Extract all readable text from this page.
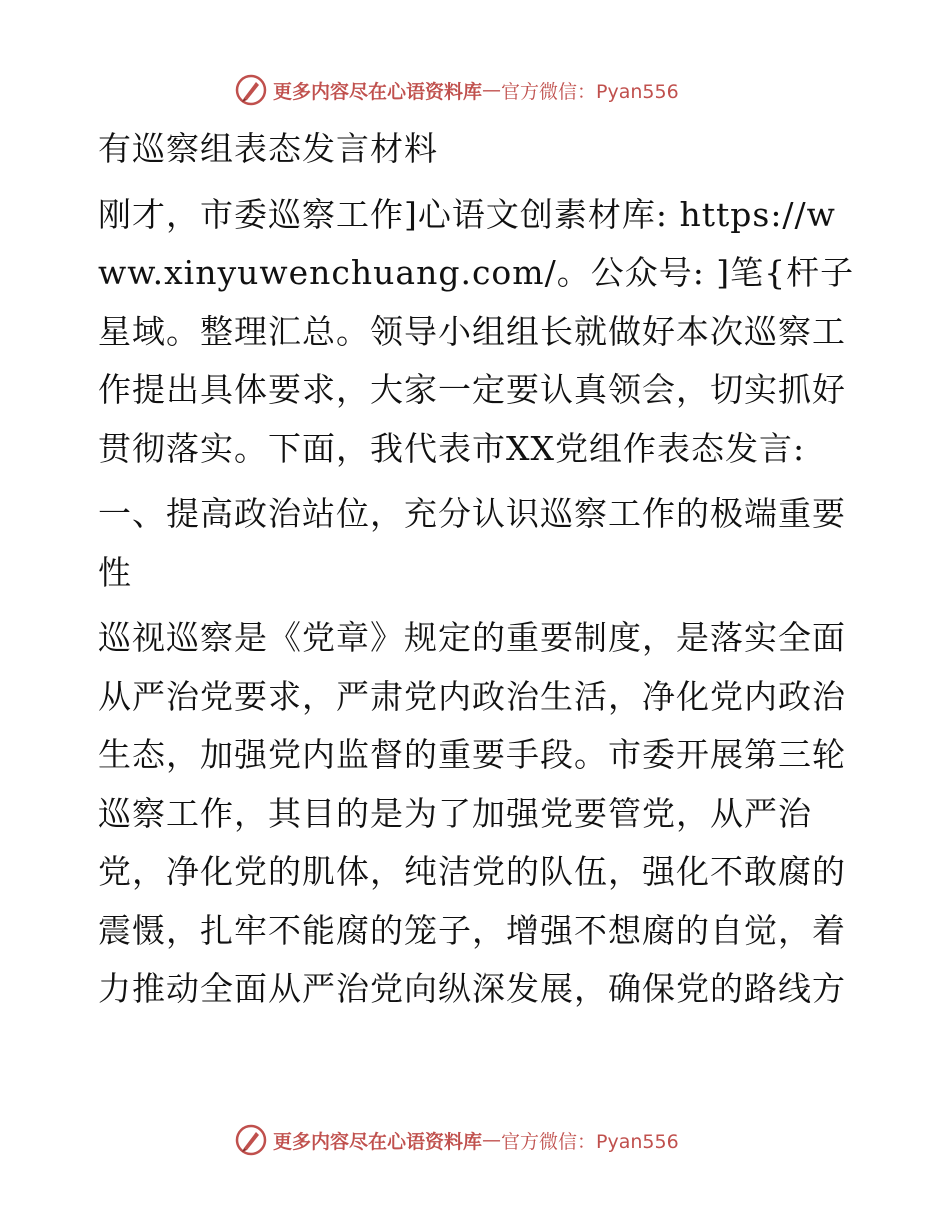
更多内容尽在心语资料库 — 官方微信：Pyan556

有巡察组表态发言材料

刚才，市委巡察工作]心语文创素材库: https://www.xinyuwenchuang.com/。公众号: ]笔{杆子星域。整理汇总。领导小组组长就做好本次巡察工作提出具体要求，大家一定要认真领会，切实抓好贯彻落实。下面，我代表市XX党组作表态发言:

一、提高政治站位，充分认识巡察工作的极端重要性

巡视巡察是《党章》规定的重要制度，是落实全面从严治党要求，严肃党内政治生活，净化党内政治生态，加强党内监督的重要手段。市委开展第三轮巡察工作，其目的是为了加强党要管党，从严治党，净化党的肌体，纯洁党的队伍，强化不敢腐的震慑，扎牢不能腐的笼子，增强不想腐的自觉，着力推动全面从严治党向纵深发展，确保党的路线方

更多内容尽在心语资料库 — 官方微信：Pyan556
